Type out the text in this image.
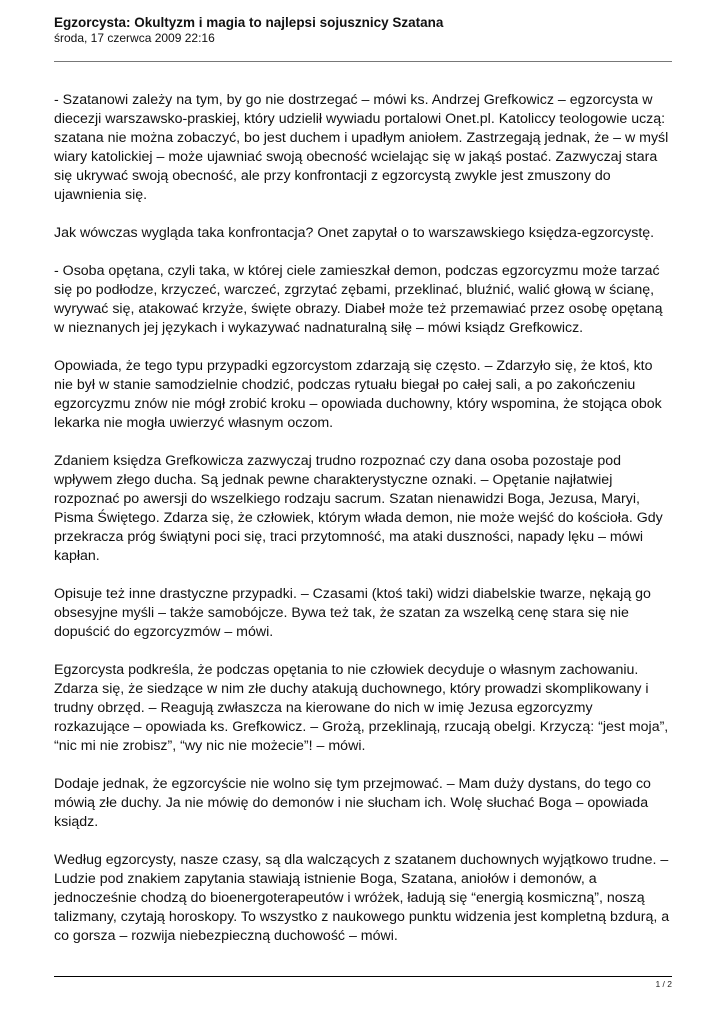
Egzorcysta: Okultyzm i magia to najlepsi sojusznicy Szatana

środa, 17 czerwca 2009 22:16

- Szatanowi zależy na tym, by go nie dostrzegać – mówi ks. Andrzej Grefkowicz – egzorcysta w diecezji warszawsko-praskiej, który udzielił wywiadu portalowi Onet.pl. Katoliccy teologowie uczą: szatana nie można zobaczyć, bo jest duchem i upadłym aniołem. Zastrzegają jednak, że – w myśl wiary katolickiej – może ujawniać swoją obecność wcielając się w jakąś postać. Zazwyczaj stara się ukrywać swoją obecność, ale przy konfrontacji z egzorcystą zwykle jest zmuszony do ujawnienia się.

Jak wówczas wygląda taka konfrontacja? Onet zapytał o to warszawskiego księdza-egzorcystę.

- Osoba opętana, czyli taka, w której ciele zamieszkał demon, podczas egzorcyzmu może tarzać się po podłodze, krzyczeć, warczeć, zgrzytać zębami, przeklinać, bluźnić, walić głową w ścianę, wyrywać się, atakować krzyże, święte obrazy. Diabeł może też przemawiać przez osobę opętaną w nieznanych jej językach i wykazywać nadnaturalną siłę – mówi ksiądz Grefkowicz.

Opowiada, że tego typu przypadki egzorcystom zdarzają się często. – Zdarzyło się, że ktoś, kto nie był w stanie samodzielnie chodzić, podczas rytuału biegał po całej sali, a po zakończeniu egzorcyzmu znów nie mógł zrobić kroku – opowiada duchowny, który wspomina, że stojąca obok lekarka nie mogła uwierzyć własnym oczom.

Zdaniem księdza Grefkowicza zazwyczaj trudno rozpoznać czy dana osoba pozostaje pod wpływem złego ducha. Są jednak pewne charakterystyczne oznaki. – Opętanie najłatwiej rozpoznać po awersji do wszelkiego rodzaju sacrum. Szatan nienawidzi Boga, Jezusa, Maryi, Pisma Świętego. Zdarza się, że człowiek, którym włada demon, nie może wejść do kościoła. Gdy przekracza próg świątyni poci się, traci przytomność, ma ataki duszności, napady lęku – mówi kapłan.

Opisuje też inne drastyczne przypadki. – Czasami (ktoś taki) widzi diabelskie twarze, nękają go obsesyjne myśli – także samobójcze. Bywa też tak, że szatan za wszelką cenę stara się nie dopuścić do egzorcyzmów – mówi.

Egzorcysta podkreśla, że podczas opętania to nie człowiek decyduje o własnym zachowaniu. Zdarza się, że siedzące w nim złe duchy atakują duchownego, który prowadzi skomplikowany i trudny obrzęd. – Reagują zwłaszcza na kierowane do nich w imię Jezusa egzorcyzmy rozkazujące – opowiada ks. Grefkowicz. – Grożą, przeklinają, rzucają obelgi. Krzyczą: “jest moja”, “nic mi nie zrobisz”, “wy nic nie możecie”! – mówi.

Dodaje jednak, że egzorcyście nie wolno się tym przejmować. – Mam duży dystans, do tego co mówią złe duchy. Ja nie mówię do demonów i nie słucham ich. Wolę słuchać Boga – opowiada ksiądz.

Według egzorcysty, nasze czasy, są dla walczących z szatanem duchownych wyjątkowo trudne. – Ludzie pod znakiem zapytania stawiają istnienie Boga, Szatana, aniołów i demonów, a jednocześnie chodzą do bioenergoterapeutów i wróżek, ładują się “energią kosmiczną”, noszą talizmany, czytają horoskopy. To wszystko z naukowego punktu widzenia jest kompletną bzdurą, a co gorsza – rozwija niebezpieczną duchowość – mówi.

1 / 2
